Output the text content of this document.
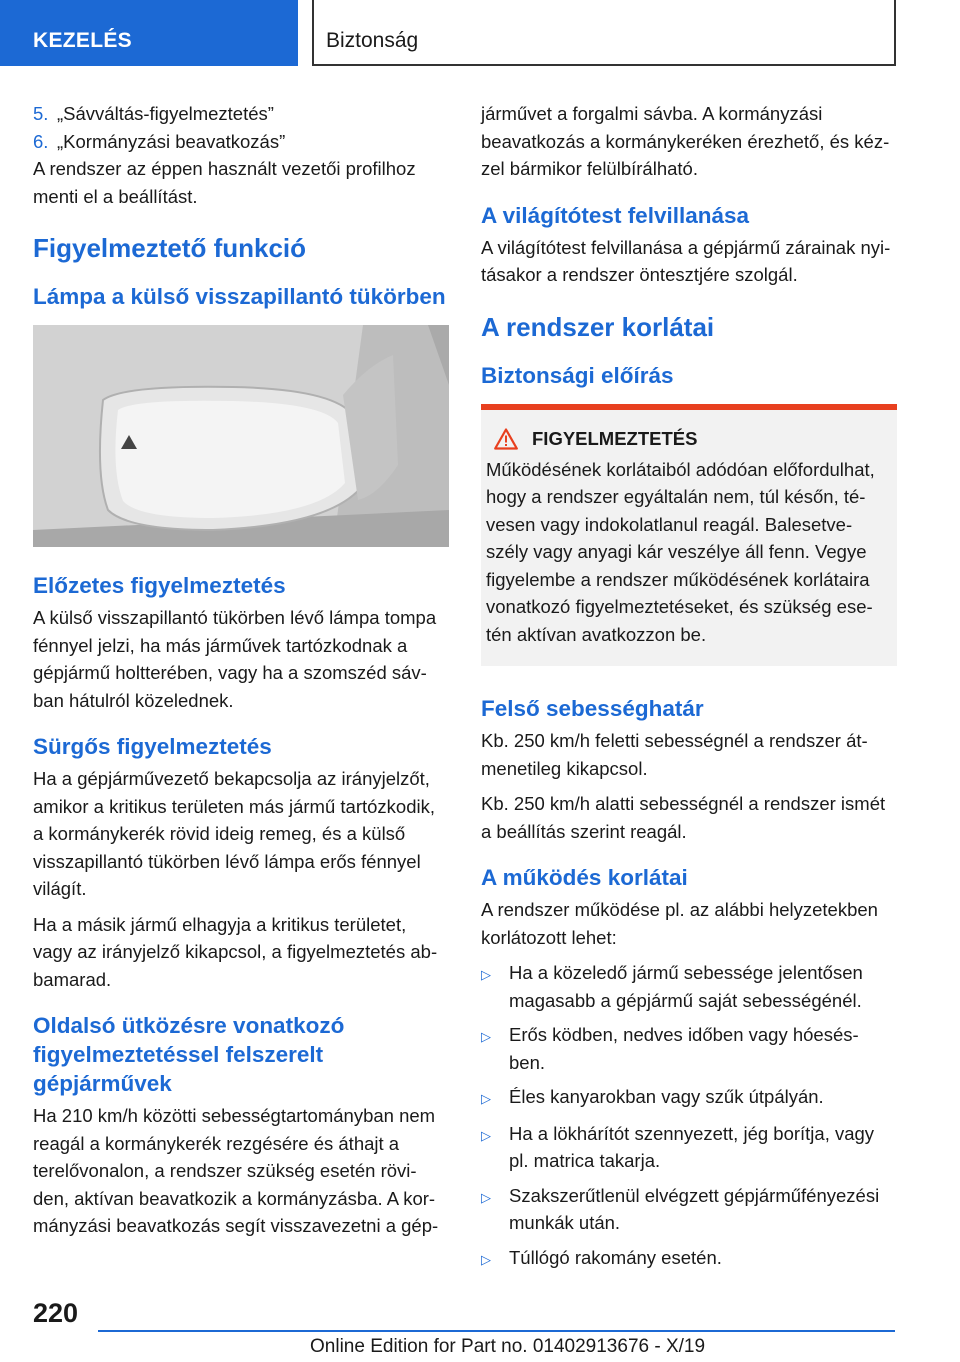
KEZELÉS	Biztonság
5. „Sávváltás-figyelmeztetés”
6. „Kormányzási beavatkozás”

A rendszer az éppen használt vezetői profilhoz menti el a beállítást.

Figyelmeztető funkció
Lámpa a külső visszapillantó tükörben
Előzetes figyelmeztetés

A külső visszapillantó tükörben lévő lámpa tompa fénnyel jelzi, ha más járművek tartózkodnak a gépjármű holtterében, vagy ha a szomszéd sáv- ban hátulról közelednek.

Sürgős figyelmeztetés

Ha a gépjárművezető bekapcsolja az irányjelzőt, amikor a kritikus területen más jármű tartózkodik, a kormánykerék rövid ideig remeg, és a külső visszapillantó tükörben lévő lámpa erős fénnyel világít.

Ha a másik jármű elhagyja a kritikus területet, vagy az irányjelző kikapcsol, a figyelmeztetés ab- bamarad.

Oldalsó ütközésre vonatkozó figyelmeztetéssel felszerelt gépjárművek

Ha 210 km/h közötti sebességtartományban nem reagál a kormánykerék rezgésére és áthajt a terelővonalon, a rendszer szükség esetén rövi- den, aktívan beavatkozik a kormányzásba. A kor- mányzási beavatkozás segít visszavezetni a gép-

járművet a forgalmi sávba. A kormányzási beavatkozás a kormánykeréken érezhető, és kéz- zel bármikor felülbírálható.

A világítótest felvillanása

A világítótest felvillanása a gépjármű zárainak nyi- tásakor a rendszer öntesztjére szolgál.

A rendszer korlátai
Biztonsági előírás
FIGYELMEZTETÉS

Működésének korlátaiból adódóan előfordulhat, hogy a rendszer egyáltalán nem, túl későn, té- vesen vagy indokolatlanul reagál. Balesetve- szély vagy anyagi kár veszélye áll fenn. Vegye figyelembe a rendszer működésének korlátaira vonatkozó figyelmeztetéseket, és szükség ese- tén aktívan avatkozzon be.

Felső sebességhatár

Kb. 250 km/h feletti sebességnél a rendszer át- menetileg kikapcsol.

Kb. 250 km/h alatti sebességnél a rendszer ismét a beállítás szerint reagál.

A működés korlátai

A rendszer működése pl. az alábbi helyzetekben korlátozott lehet:

▷ Ha a közeledő jármű sebessége jelentősen magasabb a gépjármű saját sebességénél.
▷ Erős ködben, nedves időben vagy hóesés- ben.
▷ Éles kanyarokban vagy szűk útpályán.
▷ Ha a lökhárítót szennyezett, jég borítja, vagy pl. matrica takarja.
▷ Szakszerűtlenül elvégzett gépjárműfényezési munkák után.
▷ Túllógó rakomány esetén.
220
Online Edition for Part no. 01402913676 - X/19
